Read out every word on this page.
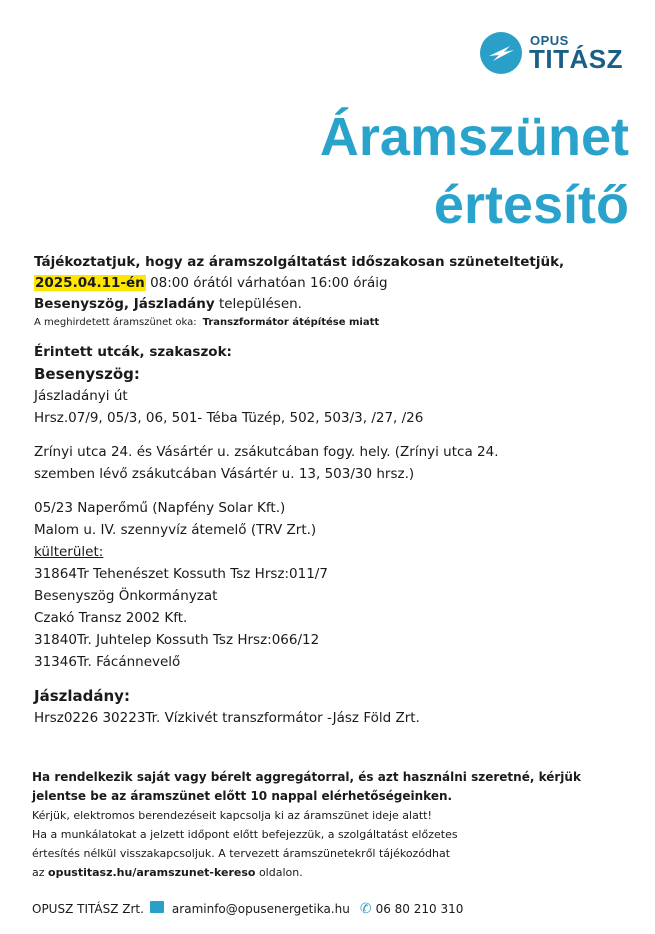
OPUS
TITÁSZ
Áramszünet
értesítő
Tájékoztatjuk, hogy az áramszolgáltatást időszakosan szüneteltetjük,
2025.04.11-én 08:00 órától várhatóan 16:00 óráig
Besenyszög, Jászladány településen.
A meghirdetett áramszünet oka: Transzformátor átépítése miatt
Érintett utcák, szakaszok:
Besenyszög:
Jászladányi út
Hrsz.07/9, 05/3, 06, 501- Téba Tüzép, 502, 503/3, /27, /26
Zrínyi utca 24. és Vásártér u. zsákutcában fogy. hely. (Zrínyi utca 24.
szemben lévő zsákutcában Vásártér u. 13, 503/30 hrsz.)
05/23 Naperőmű (Napfény Solar Kft.)
Malom u. IV. szennyvíz átemelő (TRV Zrt.)
külterület:
31864Tr Tehenészet Kossuth Tsz Hrsz:011/7
Besenyszög Önkormányzat
Czakó Transz 2002 Kft.
31840Tr. Juhtelep Kossuth Tsz Hrsz:066/12
31346Tr. Fácánnevelő
Jászladány:
Hrsz0226 30223Tr. Vízkivét transzformátor -Jász Föld Zrt.
Ha rendelkezik saját vagy bérelt aggregátorral, és azt használni szeretné, kérjük
jelentse be az áramszünet előtt 10 nappal elérhetőségeinken.
Kérjük, elektromos berendezéseit kapcsolja ki az áramszünet ideje alatt!
Ha a munkálatokat a jelzett időpont előtt befejezzük, a szolgáltatást előzetes
értesítés nélkül visszakapcsoljuk. A tervezett áramszünetekről tájékozódhat
az opustitasz.hu/aramszunet-kereso oldalon.
OPUSZ TITÁSZ Zrt. araminfo@opusenergetika.hu ✆ 06 80 210 310
